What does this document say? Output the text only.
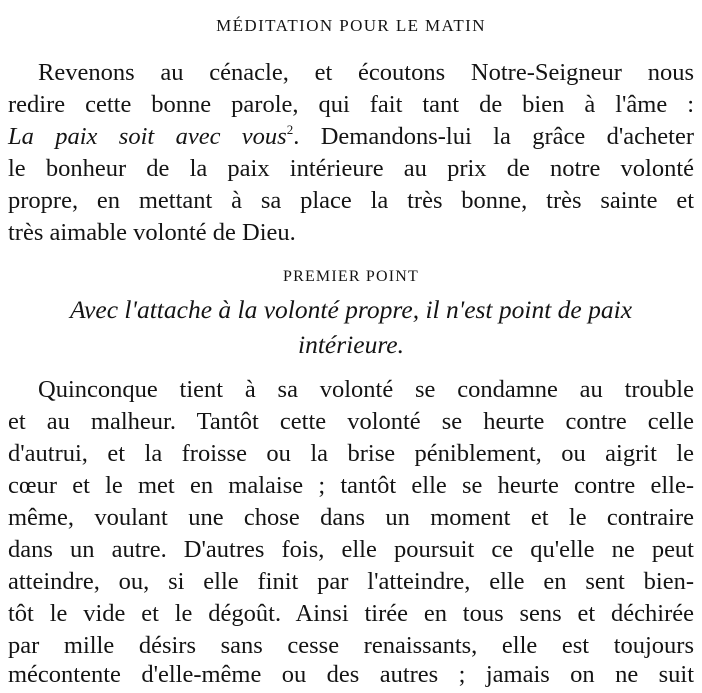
MÉDITATION POUR LE MATIN
Revenons au cénacle, et écoutons Notre-Seigneur nous
redire cette bonne parole, qui fait tant de bien à l'âme :
La paix soit avec vous$^2$. Demandons-lui la grâce d'acheter
le bonheur de la paix intérieure au prix de notre volonté
propre, en mettant à sa place la très bonne, très sainte et
très aimable volonté de Dieu.
PREMIER POINT
Avec l'attache à la volonté propre, il n'est point de paix
intérieure.
Quinconque tient à sa volonté se condamne au trouble
et au malheur. Tantôt cette volonté se heurte contre celle
d'autrui, et la froisse ou la brise péniblement, ou aigrit le
cœur et le met en malaise ; tantôt elle se heurte contre elle-
même, voulant une chose dans un moment et le contraire
dans un autre. D'autres fois, elle poursuit ce qu'elle ne peut
atteindre, ou, si elle finit par l'atteindre, elle en sent bien-
tôt le vide et le dégoût. Ainsi tirée en tous sens et déchirée
par mille désirs sans cesse renaissants, elle est toujours
mécontente d'elle-même ou des autres ; jamais on ne suit
